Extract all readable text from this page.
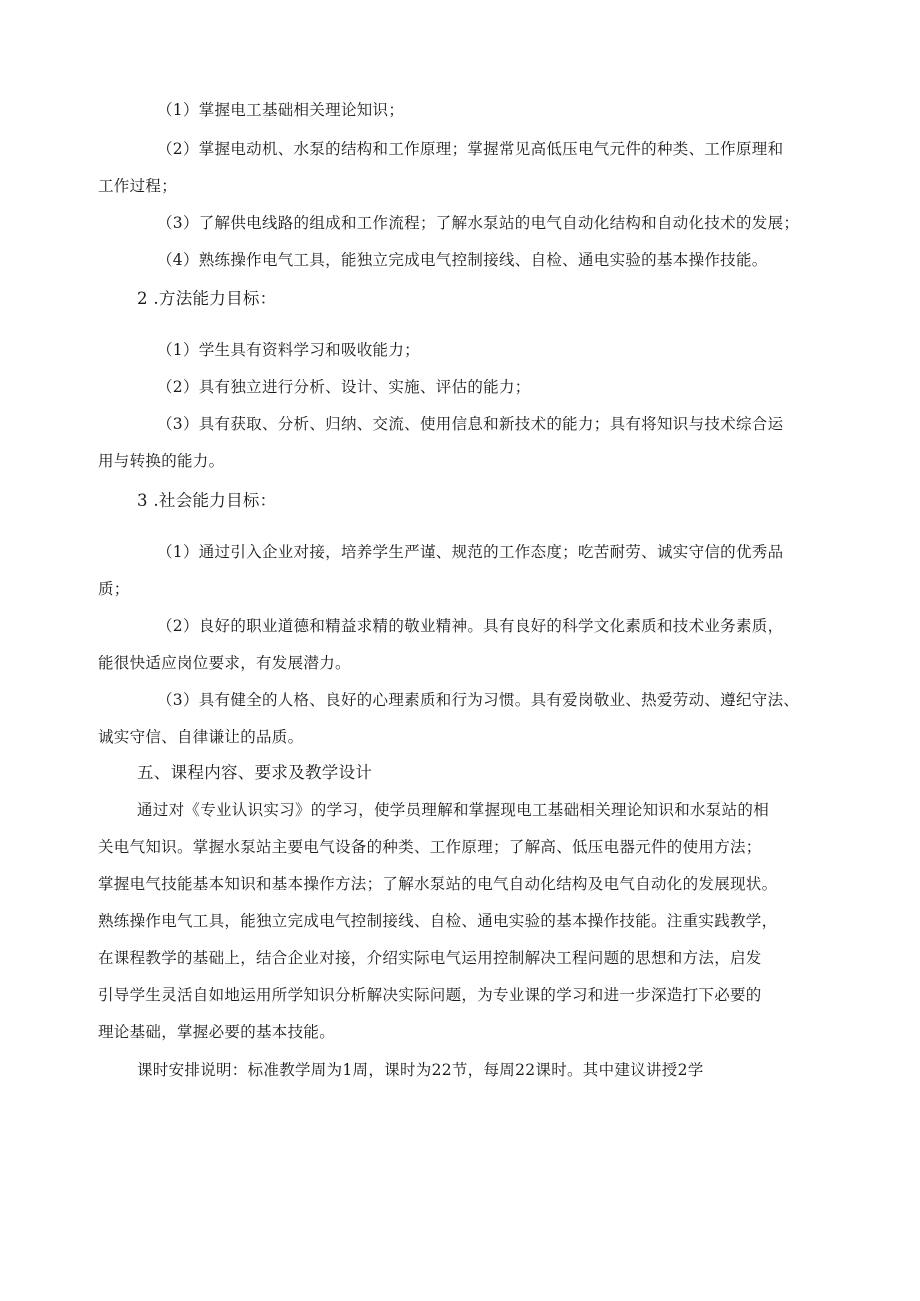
（1）掌握电工基础相关理论知识；
（2）掌握电动机、水泵的结构和工作原理；掌握常见高低压电气元件的种类、工作原理和
工作过程；
（3）了解供电线路的组成和工作流程；了解水泵站的电气自动化结构和自动化技术的发展；
（4）熟练操作电气工具，能独立完成电气控制接线、自检、通电实验的基本操作技能。
2 .方法能力目标：
（1）学生具有资料学习和吸收能力；
（2）具有独立进行分析、设计、实施、评估的能力；
（3）具有获取、分析、归纳、交流、使用信息和新技术的能力；具有将知识与技术综合运
用与转换的能力。
3 .社会能力目标：
（1）通过引入企业对接，培养学生严谨、规范的工作态度；吃苦耐劳、诚实守信的优秀品
质；
（2）良好的职业道德和精益求精的敬业精神。具有良好的科学文化素质和技术业务素质，
能很快适应岗位要求，有发展潜力。
（3）具有健全的人格、良好的心理素质和行为习惯。具有爱岗敬业、热爱劳动、遵纪守法、
诚实守信、自律谦让的品质。
五、课程内容、要求及教学设计
通过对《专业认识实习》的学习，使学员理解和掌握现电工基础相关理论知识和水泵站的相
关电气知识。掌握水泵站主要电气设备的种类、工作原理；了解高、低压电器元件的使用方法；
掌握电气技能基本知识和基本操作方法；了解水泵站的电气自动化结构及电气自动化的发展现状。
熟练操作电气工具，能独立完成电气控制接线、自检、通电实验的基本操作技能。注重实践教学，
在课程教学的基础上，结合企业对接，介绍实际电气运用控制解决工程问题的思想和方法，启发
引导学生灵活自如地运用所学知识分析解决实际问题，为专业课的学习和进一步深造打下必要的
理论基础，掌握必要的基本技能。
课时安排说明：标准教学周为1周，课时为22节，每周22课时。其中建议讲授2学
